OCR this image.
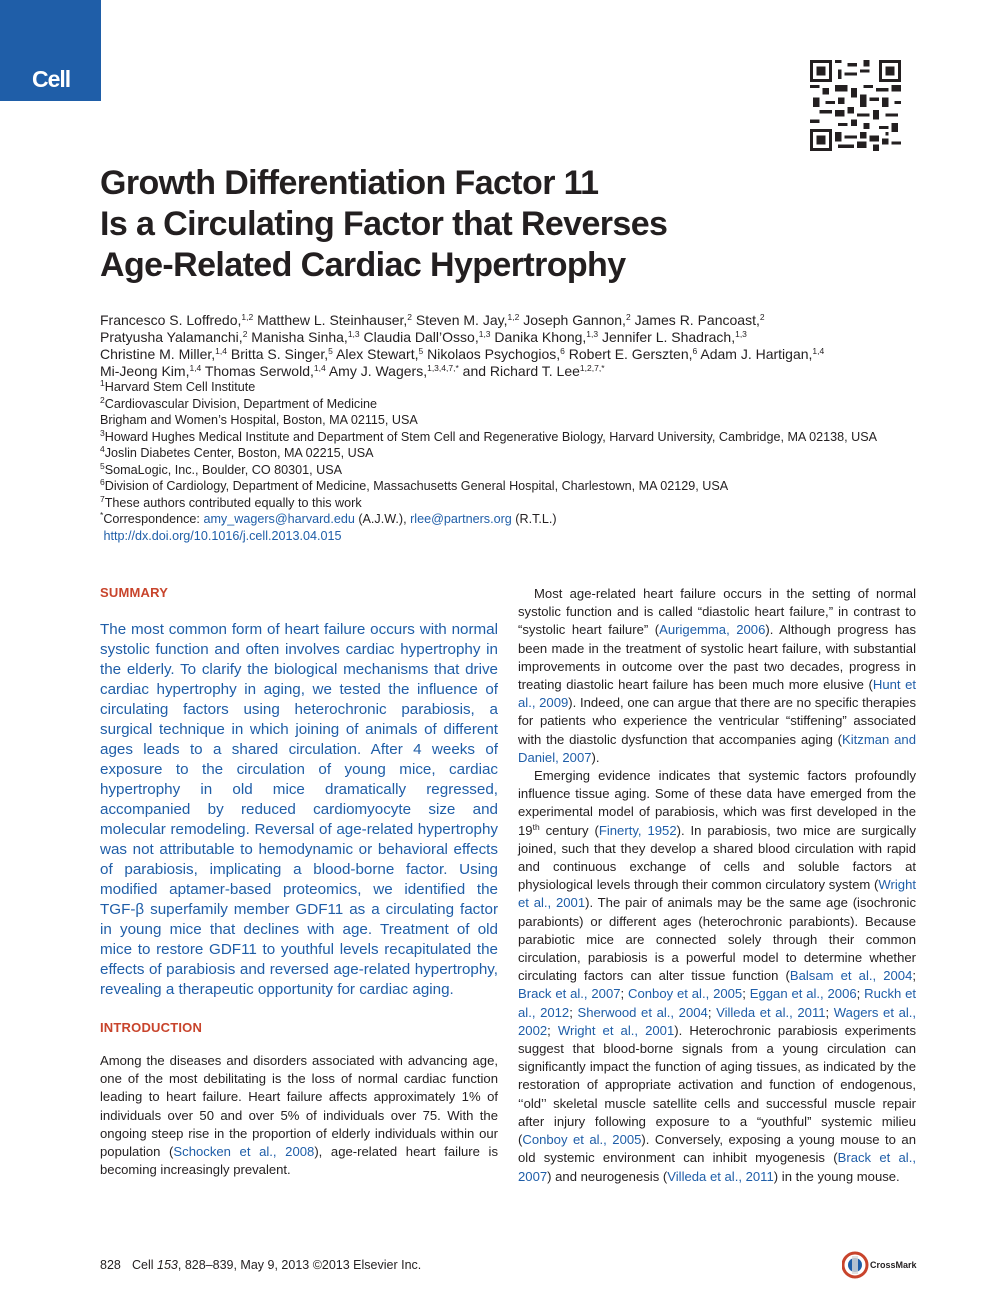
Cell
Growth Differentiation Factor 11
Is a Circulating Factor that Reverses
Age-Related Cardiac Hypertrophy
Francesco S. Loffredo,$^{1,2}$ Matthew L. Steinhauser,$^2$ Steven M. Jay,$^{1,2}$ Joseph Gannon,$^2$ James R. Pancoast,$^2$
Pratyusha Yalamanchi,$^2$ Manisha Sinha,$^{1,3}$ Claudia Dall’Osso,$^{1,3}$ Danika Khong,$^{1,3}$ Jennifer L. Shadrach,$^{1,3}$
Christine M. Miller,$^{1,4}$ Britta S. Singer,$^5$ Alex Stewart,$^5$ Nikolaos Psychogios,$^6$ Robert E. Gerszten,$^6$ Adam J. Hartigan,$^{1,4}$
Mi-Jeong Kim,$^{1,4}$ Thomas Serwold,$^{1,4}$ Amy J. Wagers,$^{1,3,4,7,*}$ and Richard T. Lee$^{1,2,7,*}$
$^1$Harvard Stem Cell Institute
$^2$Cardiovascular Division, Department of Medicine
Brigham and Women’s Hospital, Boston, MA 02115, USA
$^3$Howard Hughes Medical Institute and Department of Stem Cell and Regenerative Biology, Harvard University, Cambridge, MA 02138, USA
$^4$Joslin Diabetes Center, Boston, MA 02215, USA
$^5$SomaLogic, Inc., Boulder, CO 80301, USA
$^6$Division of Cardiology, Department of Medicine, Massachusetts General Hospital, Charlestown, MA 02129, USA
$^7$These authors contributed equally to this work
*Correspondence: amy_wagers@harvard.edu (A.J.W.), rlee@partners.org (R.T.L.)
http://dx.doi.org/10.1016/j.cell.2013.04.015
SUMMARY

The most common form of heart failure occurs with normal systolic function and often involves cardiac hypertrophy in the elderly. To clarify the biological mechanisms that drive cardiac hypertrophy in aging, we tested the influence of circulating factors using heterochronic parabiosis, a surgical technique in which joining of animals of different ages leads to a shared circulation. After 4 weeks of exposure to the circulation of young mice, cardiac hypertrophy in old mice dramatically regressed, accompanied by reduced cardiomyocyte size and molecular remodeling. Reversal of age-related hypertrophy was not attributable to hemodynamic or behavioral effects of parabiosis, implicating a blood-borne factor. Using modified aptamer-based proteomics, we identified the TGF-β superfamily member GDF11 as a circulating factor in young mice that declines with age. Treatment of old mice to restore GDF11 to youthful levels recapitulated the effects of parabiosis and reversed age-related hypertrophy, revealing a therapeutic opportunity for cardiac aging.

INTRODUCTION

Among the diseases and disorders associated with advancing age, one of the most debilitating is the loss of normal cardiac function leading to heart failure. Heart failure affects approximately 1% of individuals over 50 and over 5% of individuals over 75. With the ongoing steep rise in the proportion of elderly individuals within our population (Schocken et al., 2008), age-related heart failure is becoming increasingly prevalent.

Most age-related heart failure occurs in the setting of normal systolic function and is called “diastolic heart failure,” in contrast to “systolic heart failure” (Aurigemma, 2006). Although progress has been made in the treatment of systolic heart failure, with substantial improvements in outcome over the past two decades, progress in treating diastolic heart failure has been much more elusive (Hunt et al., 2009). Indeed, one can argue that there are no specific therapies for patients who experience the ventricular “stiffening” associated with the diastolic dysfunction that accompanies aging (Kitzman and Daniel, 2007).

Emerging evidence indicates that systemic factors profoundly influence tissue aging. Some of these data have emerged from the experimental model of parabiosis, which was first developed in the 19th century (Finerty, 1952). In parabiosis, two mice are surgically joined, such that they develop a shared blood circulation with rapid and continuous exchange of cells and soluble factors at physiological levels through their common circulatory system (Wright et al., 2001). The pair of animals may be the same age (isochronic parabionts) or different ages (heterochronic parabionts). Because parabiotic mice are connected solely through their common circulation, parabiosis is a powerful model to determine whether circulating factors can alter tissue function (Balsam et al., 2004; Brack et al., 2007; Conboy et al., 2005; Eggan et al., 2006; Ruckh et al., 2012; Sherwood et al., 2004; Villeda et al., 2011; Wagers et al., 2002; Wright et al., 2001). Heterochronic parabiosis experiments suggest that blood-borne signals from a young circulation can significantly impact the function of aging tissues, as indicated by the restoration of appropriate activation and function of endogenous, ‘‘old’’ skeletal muscle satellite cells and successful muscle repair after injury following exposure to a “youthful” systemic milieu (Conboy et al., 2005). Conversely, exposing a young mouse to an old systemic environment can inhibit myogenesis (Brack et al., 2007) and neurogenesis (Villeda et al., 2011) in the young mouse.

828 Cell 153, 828–839, May 9, 2013 ©2013 Elsevier Inc.	CrossMark
